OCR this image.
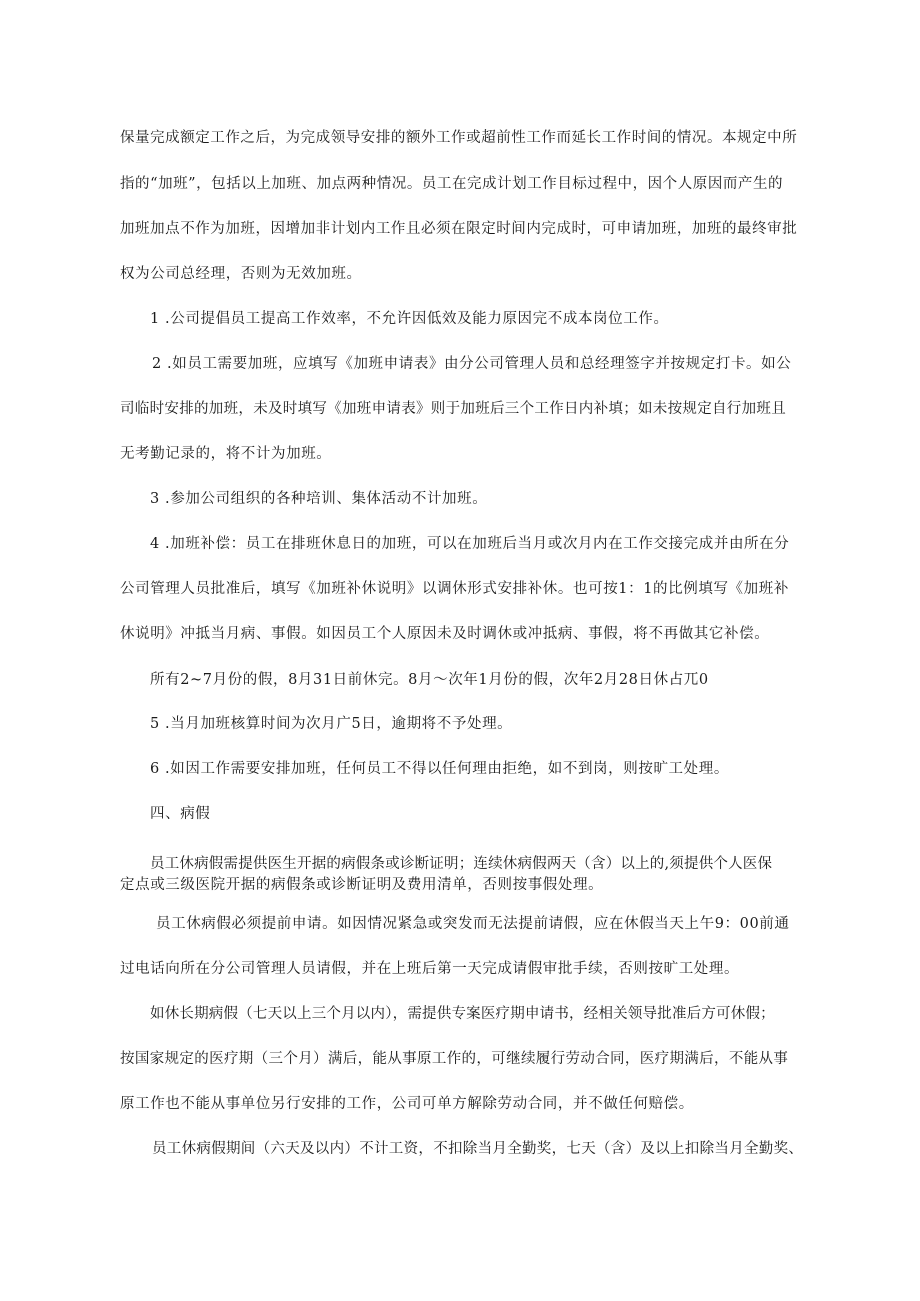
保量完成额定工作之后，为完成领导安排的额外工作或超前性工作而延长工作时间的情况。本规定中所
指的“加班”，包括以上加班、加点两种情况。员工在完成计划工作目标过程中，因个人原因而产生的
加班加点不作为加班，因增加非计划内工作且必须在限定时间内完成时，可申请加班，加班的最终审批
权为公司总经理，否则为无效加班。
1 .公司提倡员工提高工作效率，不允许因低效及能力原因完不成本岗位工作。
2 .如员工需要加班，应填写《加班申请表》由分公司管理人员和总经理签字并按规定打卡。如公
司临时安排的加班，未及时填写《加班申请表》则于加班后三个工作日内补填；如未按规定自行加班且
无考勤记录的，将不计为加班。
3 .参加公司组织的各种培训、集体活动不计加班。
4 .加班补偿：员工在排班休息日的加班，可以在加班后当月或次月内在工作交接完成并由所在分
公司管理人员批准后，填写《加班补休说明》以调休形式安排补休。也可按1：1的比例填写《加班补
休说明》冲抵当月病、事假。如因员工个人原因未及时调休或冲抵病、事假，将不再做其它补偿。
所有2~7月份的假，8月31日前休完。8月～次年1月份的假，次年2月28日休占兀0
5 .当月加班核算时间为次月广5日，逾期将不予处理。
6 .如因工作需要安排加班，任何员工不得以任何理由拒绝，如不到岗，则按旷工处理。
四、病假
员工休病假需提供医生开据的病假条或诊断证明；连续休病假两天（含）以上的,须提供个人医保
定点或三级医院开据的病假条或诊断证明及费用清单，否则按事假处理。
员工休病假必须提前申请。如因情况紧急或突发而无法提前请假，应在休假当天上午9：00前通
过电话向所在分公司管理人员请假，并在上班后第一天完成请假审批手续，否则按旷工处理。
如休长期病假（七天以上三个月以内），需提供专案医疗期申请书，经相关领导批准后方可休假；
按国家规定的医疗期（三个月）满后，能从事原工作的，可继续履行劳动合同，医疗期满后，不能从事
原工作也不能从事单位另行安排的工作，公司可单方解除劳动合同，并不做任何赔偿。
员工休病假期间（六天及以内）不计工资，不扣除当月全勤奖，七天（含）及以上扣除当月全勤奖、
